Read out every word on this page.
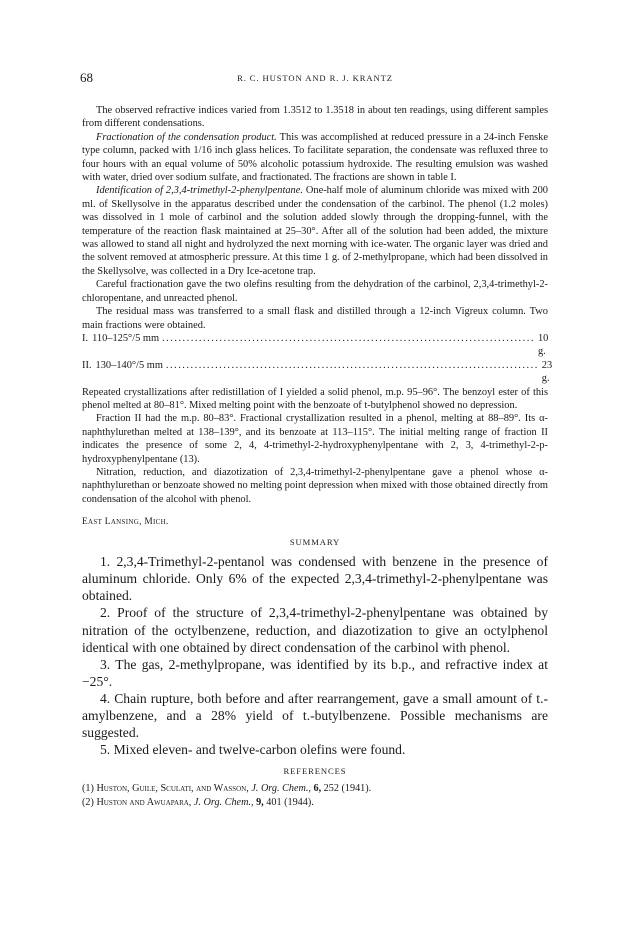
68	R. C. HUSTON AND R. J. KRANTZ

The observed refractive indices varied from 1.3512 to 1.3518 in about ten readings, using different samples from different condensations.

Fractionation of the condensation product. This was accomplished at reduced pressure in a 24-inch Fenske type column, packed with 1/16 inch glass helices. To facilitate separation, the condensate was refluxed three to four hours with an equal volume of 50% alcoholic potassium hydroxide. The resulting emulsion was washed with water, dried over sodium sulfate, and fractionated. The fractions are shown in table I.

Identification of 2,3,4-trimethyl-2-phenylpentane. One-half mole of aluminum chloride was mixed with 200 ml. of Skellysolve in the apparatus described under the condensation of the carbinol. The phenol (1.2 moles) was dissolved in 1 mole of carbinol and the solution added slowly through the dropping-funnel, with the temperature of the reaction flask maintained at 25–30°. After all of the solution had been added, the mixture was allowed to stand all night and hydrolyzed the next morning with ice-water. The organic layer was dried and the solvent removed at atmospheric pressure. At this time 1 g. of 2-methylpropane, which had been dissolved in the Skellysolve, was collected in a Dry Ice-acetone trap.

Careful fractionation gave the two olefins resulting from the dehydration of the carbinol, 2,3,4-trimethyl-2-chloropentane, and unreacted phenol.

The residual mass was transferred to a small flask and distilled through a 12-inch Vigreux column. Two main fractions were obtained.

I. 110–125°/5 mm ........................................................................................... 10 g.
II. 130–140°/5 mm ........................................................................................... 23 g.

Repeated crystallizations after redistillation of I yielded a solid phenol, m.p. 95–96°. The benzoyl ester of this phenol melted at 80–81°. Mixed melting point with the benzoate of t-butylphenol showed no depression.

Fraction II had the m.p. 80–83°. Fractional crystallization resulted in a phenol, melting at 88–89°. Its α-naphthylurethan melted at 138–139°, and its benzoate at 113–115°. The initial melting range of fraction II indicates the presence of some 2, 4, 4-trimethyl-2-hydroxyphenylpentane with 2, 3, 4-trimethyl-2-p-hydroxyphenylpentane (13).

Nitration, reduction, and diazotization of 2,3,4-trimethyl-2-phenylpentane gave a phenol whose α-naphthylurethan or benzoate showed no melting point depression when mixed with those obtained directly from condensation of the alcohol with phenol.

East Lansing, Mich.

SUMMARY

1. 2,3,4-Trimethyl-2-pentanol was condensed with benzene in the presence of aluminum chloride. Only 6% of the expected 2,3,4-trimethyl-2-phenylpentane was obtained.

2. Proof of the structure of 2,3,4-trimethyl-2-phenylpentane was obtained by nitration of the octylbenzene, reduction, and diazotization to give an octylphenol identical with one obtained by direct condensation of the carbinol with phenol.

3. The gas, 2-methylpropane, was identified by its b.p., and refractive index at −25°.

4. Chain rupture, both before and after rearrangement, gave a small amount of t.-amylbenzene, and a 28% yield of t.-butylbenzene. Possible mechanisms are suggested.

5. Mixed eleven- and twelve-carbon olefins were found.

REFERENCES

(1) Huston, Guile, Sculati, and Wasson, J. Org. Chem., 6, 252 (1941).

(2) Huston and Awuapara, J. Org. Chem., 9, 401 (1944).
